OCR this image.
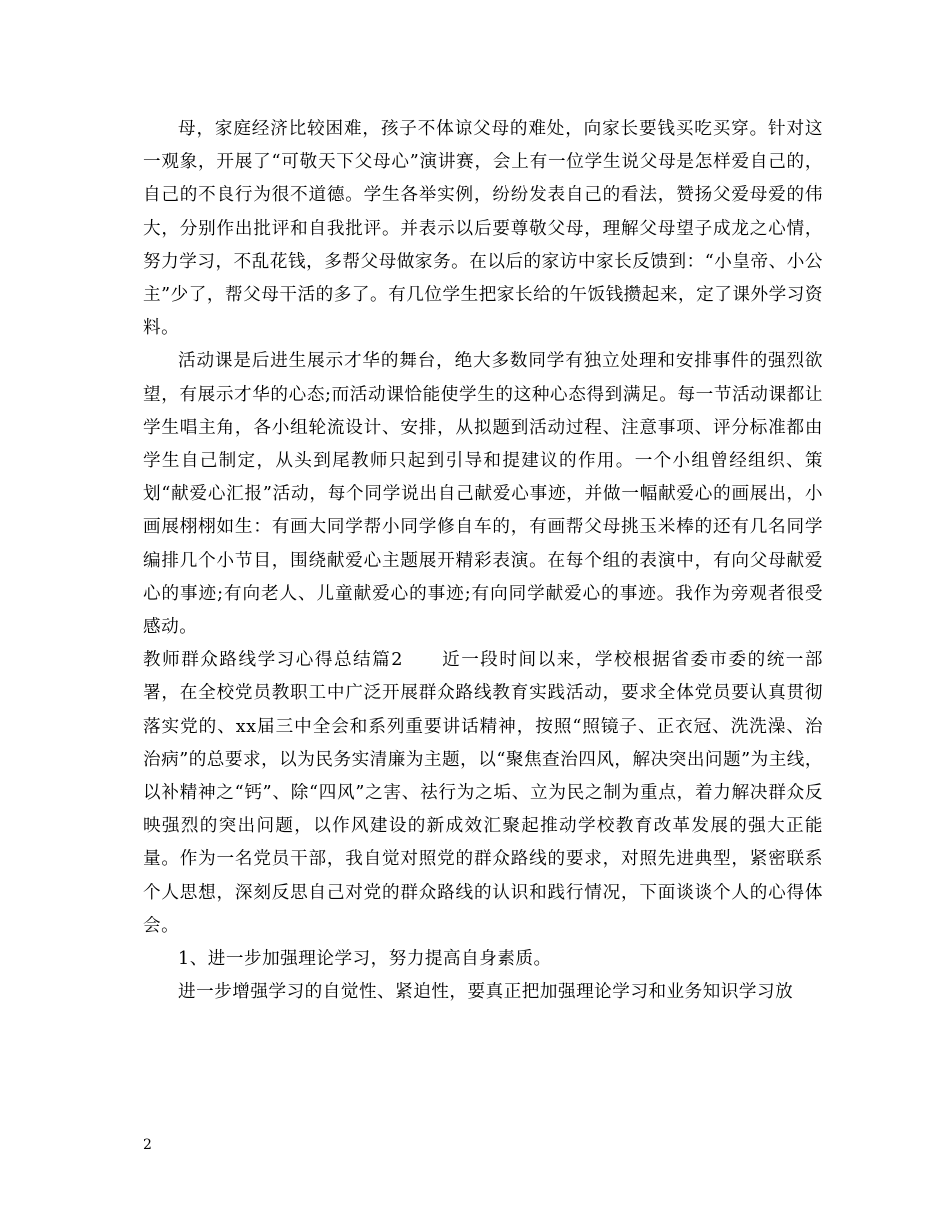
母，家庭经济比较困难，孩子不体谅父母的难处，向家长要钱买吃买穿。针对这一观象，开展了“可敬天下父母心”演讲赛，会上有一位学生说父母是怎样爱自己的，自己的不良行为很不道德。学生各举实例，纷纷发表自己的看法，赞扬父爱母爱的伟大，分别作出批评和自我批评。并表示以后要尊敬父母，理解父母望子成龙之心情，努力学习，不乱花钱，多帮父母做家务。在以后的家访中家长反馈到：“小皇帝、小公主”少了，帮父母干活的多了。有几位学生把家长给的午饭钱攒起来，定了课外学习资料。

活动课是后进生展示才华的舞台，绝大多数同学有独立处理和安排事件的强烈欲望，有展示才华的心态;而活动课恰能使学生的这种心态得到满足。每一节活动课都让学生唱主角，各小组轮流设计、安排，从拟题到活动过程、注意事项、评分标准都由学生自己制定，从头到尾教师只起到引导和提建议的作用。一个小组曾经组织、策划“献爱心汇报”活动，每个同学说出自己献爱心事迹，并做一幅献爱心的画展出，小画展栩栩如生：有画大同学帮小同学修自车的，有画帮父母挑玉米棒的还有几名同学编排几个小节目，围绕献爱心主题展开精彩表演。在每个组的表演中，有向父母献爱心的事迹;有向老人、儿童献爱心的事迹;有向同学献爱心的事迹。我作为旁观者很受感动。

教师群众路线学习心得总结篇2　　近一段时间以来，学校根据省委市委的统一部署，在全校党员教职工中广泛开展群众路线教育实践活动，要求全体党员要认真贯彻落实党的、xx届三中全会和系列重要讲话精神，按照“照镜子、正衣冠、洗洗澡、治治病”的总要求，以为民务实清廉为主题，以“聚焦查治四风，解决突出问题”为主线，以补精神之“钙”、除“四风”之害、祛行为之垢、立为民之制为重点，着力解决群众反映强烈的突出问题，以作风建设的新成效汇聚起推动学校教育改革发展的强大正能量。作为一名党员干部，我自觉对照党的群众路线的要求，对照先进典型，紧密联系个人思想，深刻反思自己对党的群众路线的认识和践行情况，下面谈谈个人的心得体会。

1、进一步加强理论学习，努力提高自身素质。

进一步增强学习的自觉性、紧迫性，要真正把加强理论学习和业务知识学习放

2
